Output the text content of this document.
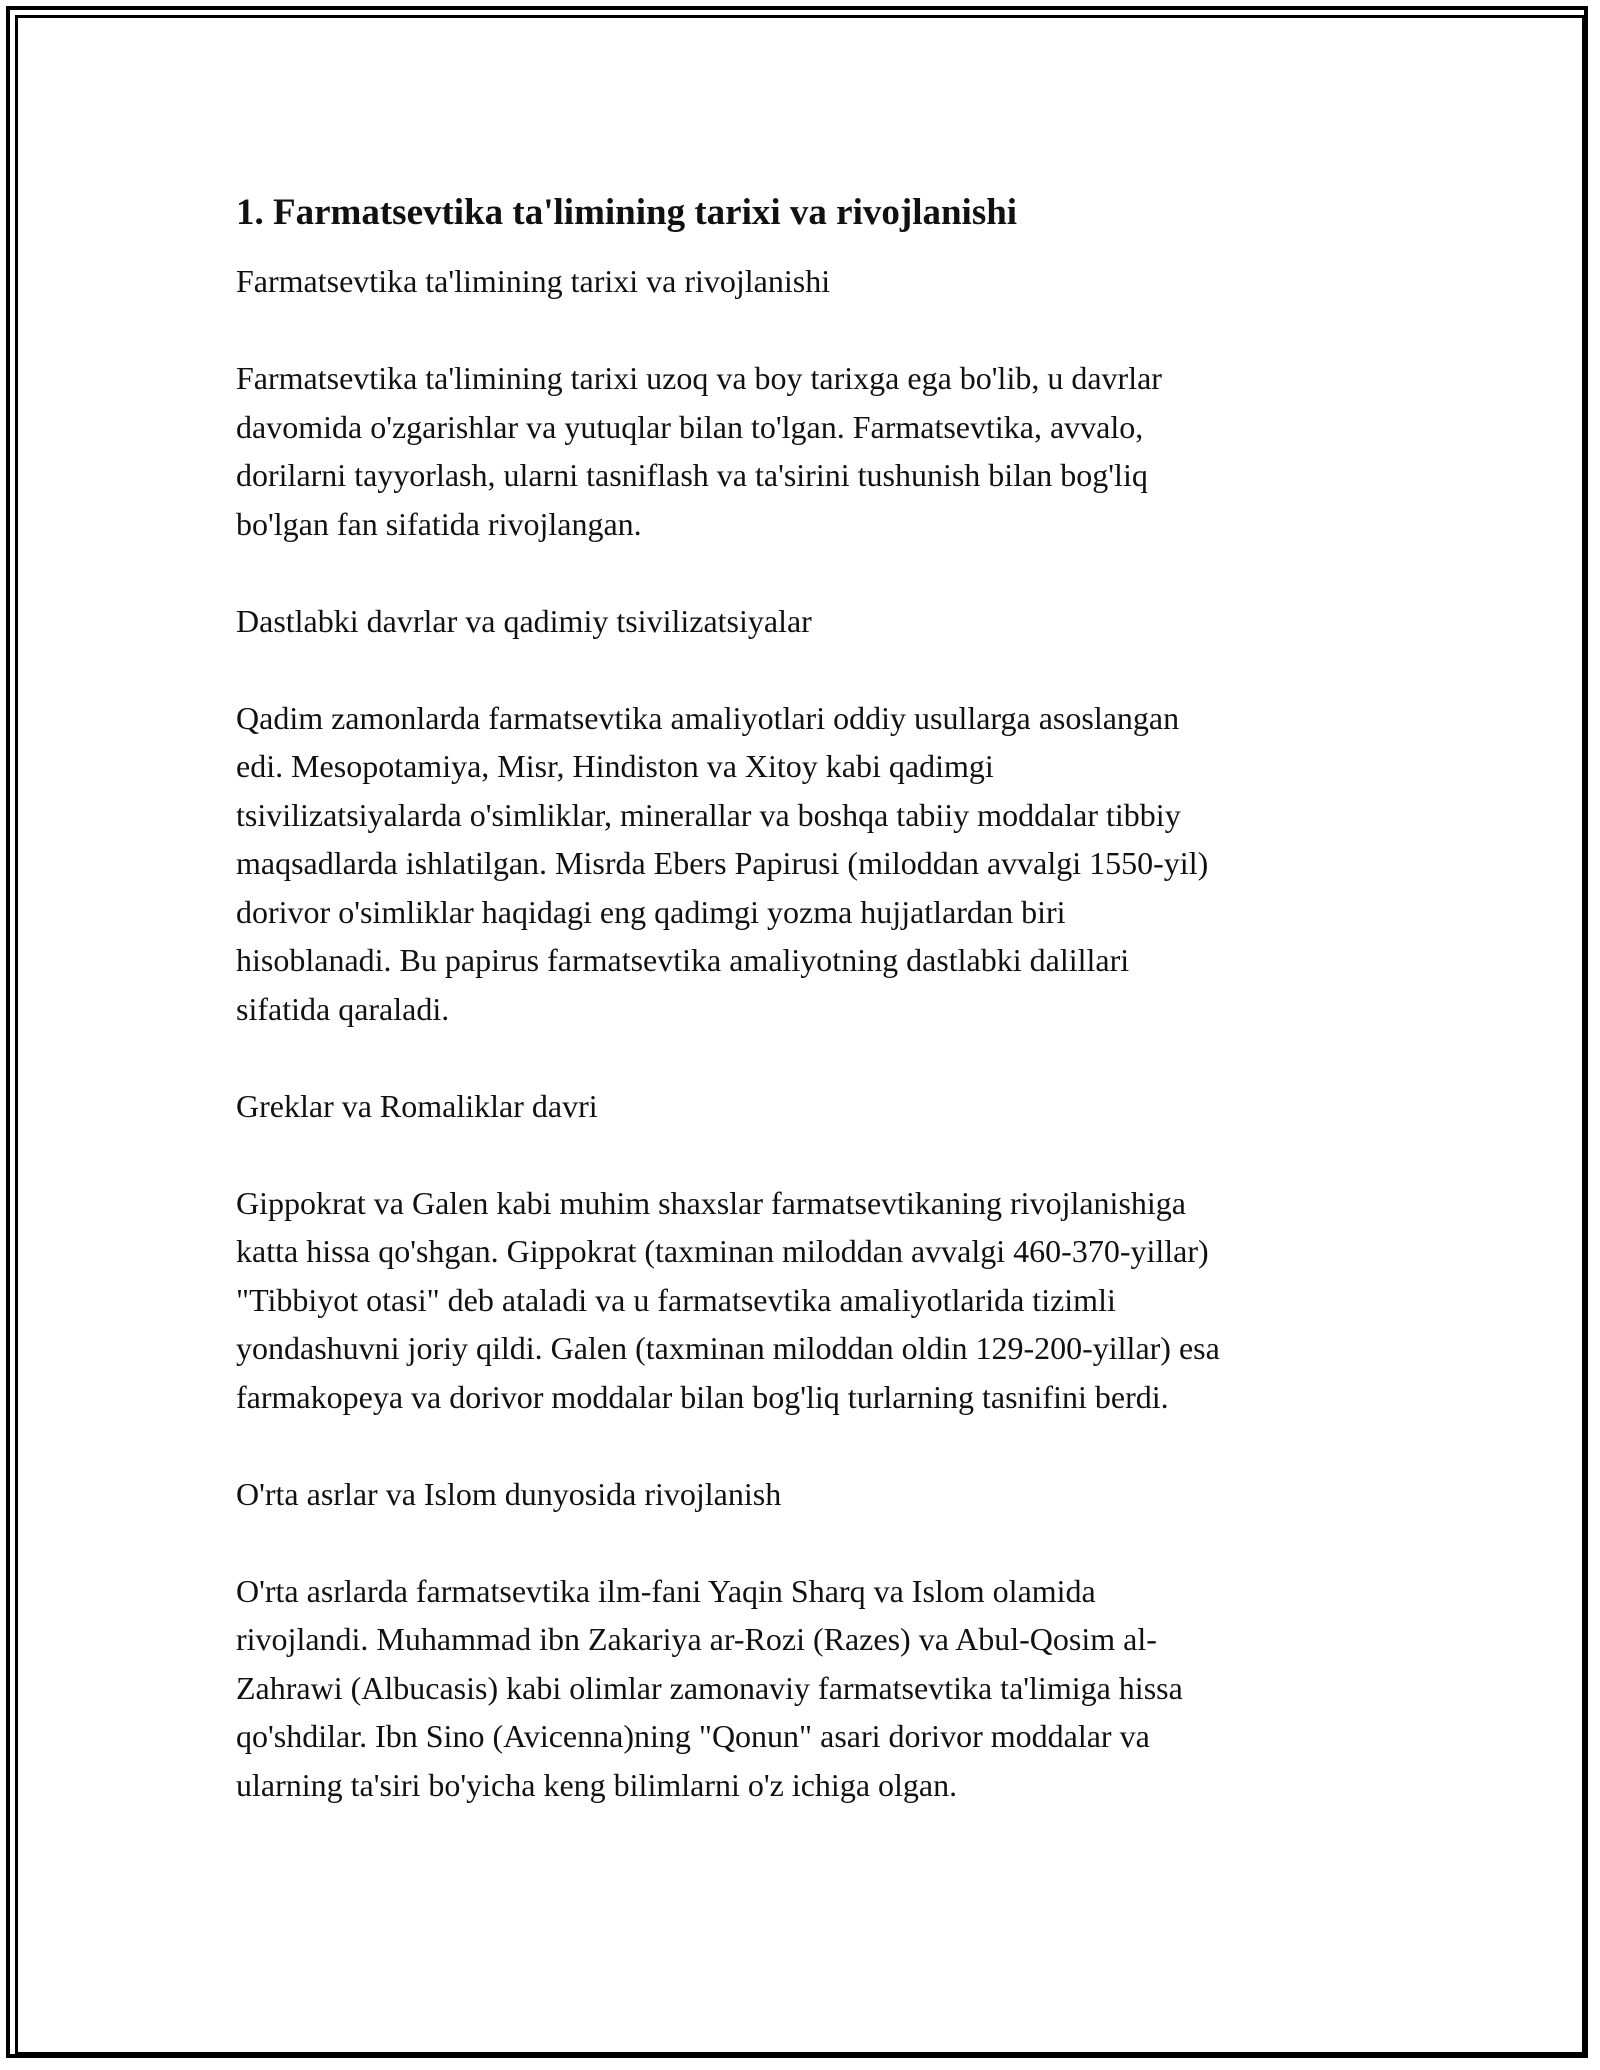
1. Farmatsevtika ta'limining tarixi va rivojlanishi
Farmatsevtika ta'limining tarixi va rivojlanishi
Farmatsevtika ta'limining tarixi uzoq va boy tarixga ega bo'lib, u davrlar
davomida o'zgarishlar va yutuqlar bilan to'lgan. Farmatsevtika, avvalo,
dorilarni tayyorlash, ularni tasniflash va ta'sirini tushunish bilan bog'liq
bo'lgan fan sifatida rivojlangan.
Dastlabki davrlar va qadimiy tsivilizatsiyalar
Qadim zamonlarda farmatsevtika amaliyotlari oddiy usullarga asoslangan
edi. Mesopotamiya, Misr, Hindiston va Xitoy kabi qadimgi
tsivilizatsiyalarda o'simliklar, minerallar va boshqa tabiiy moddalar tibbiy
maqsadlarda ishlatilgan. Misrda Ebers Papirusi (miloddan avvalgi 1550-yil)
dorivor o'simliklar haqidagi eng qadimgi yozma hujjatlardan biri
hisoblanadi. Bu papirus farmatsevtika amaliyotning dastlabki dalillari
sifatida qaraladi.
Greklar va Romaliklar davri
Gippokrat va Galen kabi muhim shaxslar farmatsevtikaning rivojlanishiga
katta hissa qo'shgan. Gippokrat (taxminan miloddan avvalgi 460-370-yillar)
"Tibbiyot otasi" deb ataladi va u farmatsevtika amaliyotlarida tizimli
yondashuvni joriy qildi. Galen (taxminan miloddan oldin 129-200-yillar) esa
farmakopeya va dorivor moddalar bilan bog'liq turlarning tasnifini berdi.
O'rta asrlar va Islom dunyosida rivojlanish
O'rta asrlarda farmatsevtika ilm-fani Yaqin Sharq va Islom olamida
rivojlandi. Muhammad ibn Zakariya ar-Rozi (Razes) va Abul-Qosim al-
Zahrawi (Albucasis) kabi olimlar zamonaviy farmatsevtika ta'limiga hissa
qo'shdilar. Ibn Sino (Avicenna)ning "Qonun" asari dorivor moddalar va
ularning ta'siri bo'yicha keng bilimlarni o'z ichiga olgan.
